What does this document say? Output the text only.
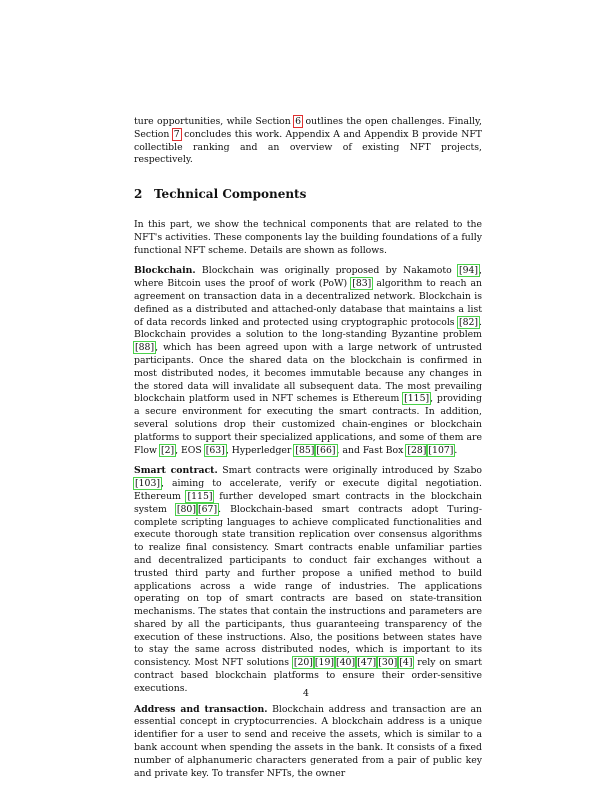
ture opportunities, while Section 6 outlines the open challenges. Finally, Section 7 concludes this work. Appendix A and Appendix B provide NFT collectible ranking and an overview of existing NFT projects, respectively.

2 Technical Components

In this part, we show the technical components that are related to the NFT's activities. These components lay the building foundations of a fully functional NFT scheme. Details are shown as follows.

Blockchain. Blockchain was originally proposed by Nakamoto [94], where Bitcoin uses the proof of work (PoW) [83] algorithm to reach an agreement on transaction data in a decentralized network. Blockchain is defined as a distributed and attached-only database that maintains a list of data records linked and protected using cryptographic protocols [82]. Blockchain provides a solution to the long-standing Byzantine problem [88], which has been agreed upon with a large network of untrusted participants. Once the shared data on the blockchain is confirmed in most distributed nodes, it becomes immutable because any changes in the stored data will invalidate all subsequent data. The most prevailing blockchain platform used in NFT schemes is Ethereum [115], providing a secure environment for executing the smart contracts. In addition, several solutions drop their customized chain-engines or blockchain platforms to support their specialized applications, and some of them are Flow [2], EOS [63], Hyperledger [85] [66], and Fast Box [28] [107].

Smart contract. Smart contracts were originally introduced by Szabo [103], aiming to accelerate, verify or execute digital negotiation. Ethereum [115] further developed smart contracts in the blockchain system [80] [67]. Blockchain-based smart contracts adopt Turing-complete scripting languages to achieve complicated functionalities and execute thorough state transition replication over consensus algorithms to realize final consistency. Smart contracts enable unfamiliar parties and decentralized participants to conduct fair exchanges without a trusted third party and further propose a unified method to build applications across a wide range of industries. The applications operating on top of smart contracts are based on state-transition mechanisms. The states that contain the instructions and parameters are shared by all the participants, thus guaranteeing transparency of the execution of these instructions. Also, the positions between states have to stay the same across distributed nodes, which is important to its consistency. Most NFT solutions [20] [19] [40] [47] [30] [4] rely on smart contract based blockchain platforms to ensure their order-sensitive executions.

Address and transaction. Blockchain address and transaction are an essential concept in cryptocurrencies. A blockchain address is a unique identifier for a user to send and receive the assets, which is similar to a bank account when spending the assets in the bank. It consists of a fixed number of alphanumeric characters generated from a pair of public key and private key. To transfer NFTs, the owner

4
